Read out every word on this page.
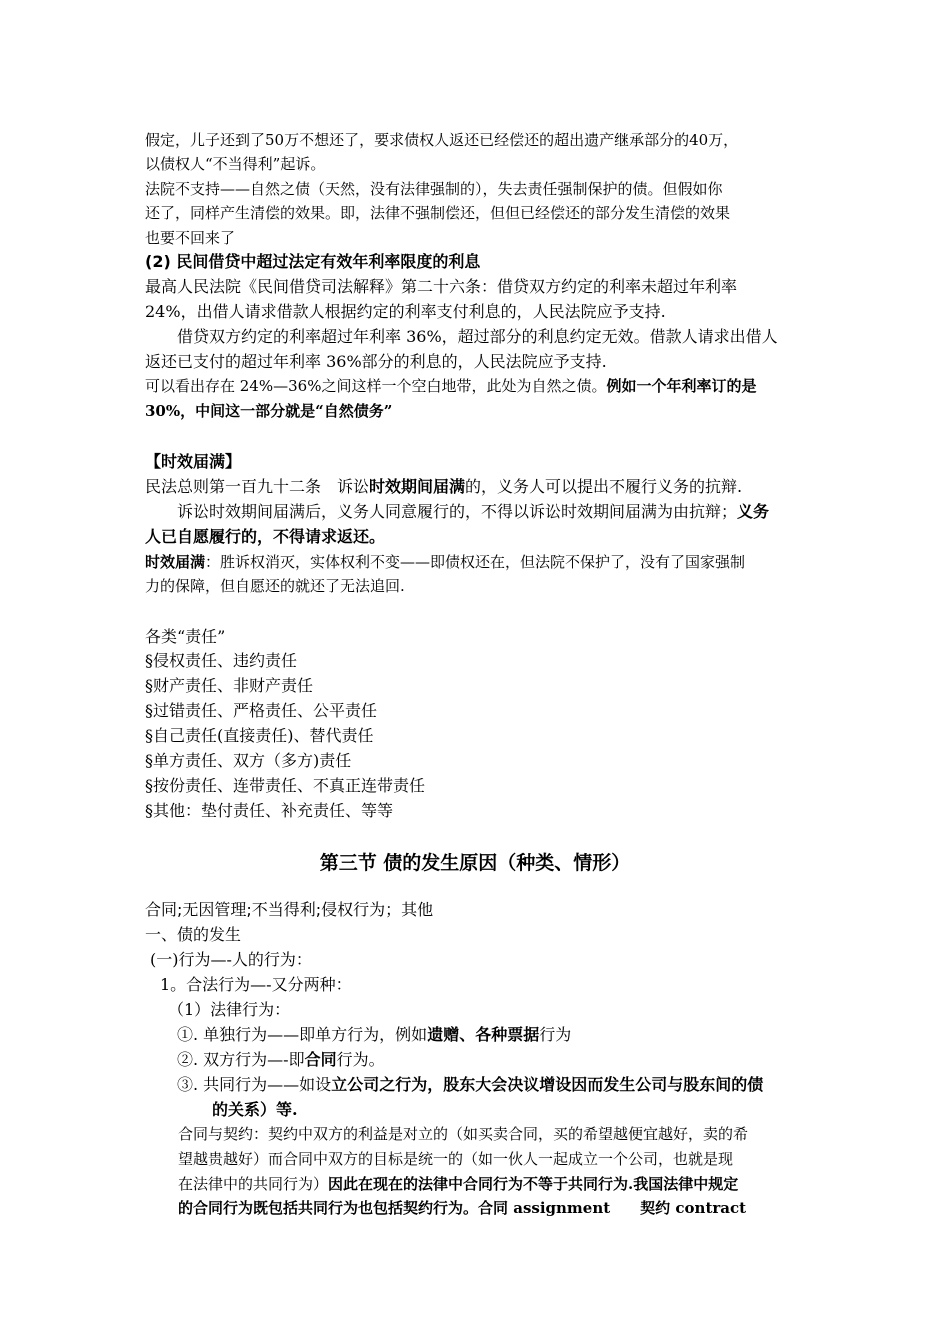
假定，儿子还到了50万不想还了，要求债权人返还已经偿还的超出遗产继承部分的40万，
以债权人“不当得利”起诉。
法院不支持——自然之债（天然，没有法律强制的），失去责任强制保护的债。但假如你
还了，同样产生清偿的效果。即，法律不强制偿还，但但已经偿还的部分发生清偿的效果
也要不回来了
(2) 民间借贷中超过法定有效年利率限度的利息
最高人民法院《民间借贷司法解释》第二十六条：借贷双方约定的利率未超过年利率
24%，出借人请求借款人根据约定的利率支付利息的，人民法院应予支持.
借贷双方约定的利率超过年利率 36%，超过部分的利息约定无效。借款人请求出借人
返还已支付的超过年利率 36%部分的利息的，人民法院应予支持.
可以看出存在 24%—36%之间这样一个空白地带，此处为自然之债。例如一个年利率订的是
30%，中间这一部分就是“自然债务”
【时效届满】
民法总则第一百九十二条　诉讼时效期间届满的，义务人可以提出不履行义务的抗辩.
诉讼时效期间届满后，义务人同意履行的，不得以诉讼时效期间届满为由抗辩；义务
人已自愿履行的，不得请求返还。
时效届满：胜诉权消灭，实体权利不变——即债权还在，但法院不保护了，没有了国家强制
力的保障，但自愿还的就还了无法追回.
各类“责任”
§侵权责任、违约责任
§财产责任、非财产责任
§过错责任、严格责任、公平责任
§自己责任(直接责任)、替代责任
§单方责任、双方（多方)责任
§按份责任、连带责任、不真正连带责任
§其他：垫付责任、补充责任、等等
第三节 债的发生原因（种类、情形）
合同;无因管理;不当得利;侵权行为；其他
一、债的发生
(一)行为—-人的行为：
1。合法行为—-又分两种：
（1）法律行为：
①. 单独行为——即单方行为，例如遗赠、各种票据行为
②. 双方行为—-即合同行为。
③. 共同行为——如设立公司之行为，股东大会决议增设因而发生公司与股东间的债
的关系）等.
合同与契约：契约中双方的利益是对立的（如买卖合同，买的希望越便宜越好，卖的希
望越贵越好）而合同中双方的目标是统一的（如一伙人一起成立一个公司，也就是现
在法律中的共同行为）因此在现在的法律中合同行为不等于共同行为.我国法律中规定
的合同行为既包括共同行为也包括契约行为。合同 assignment　　契约 contract
